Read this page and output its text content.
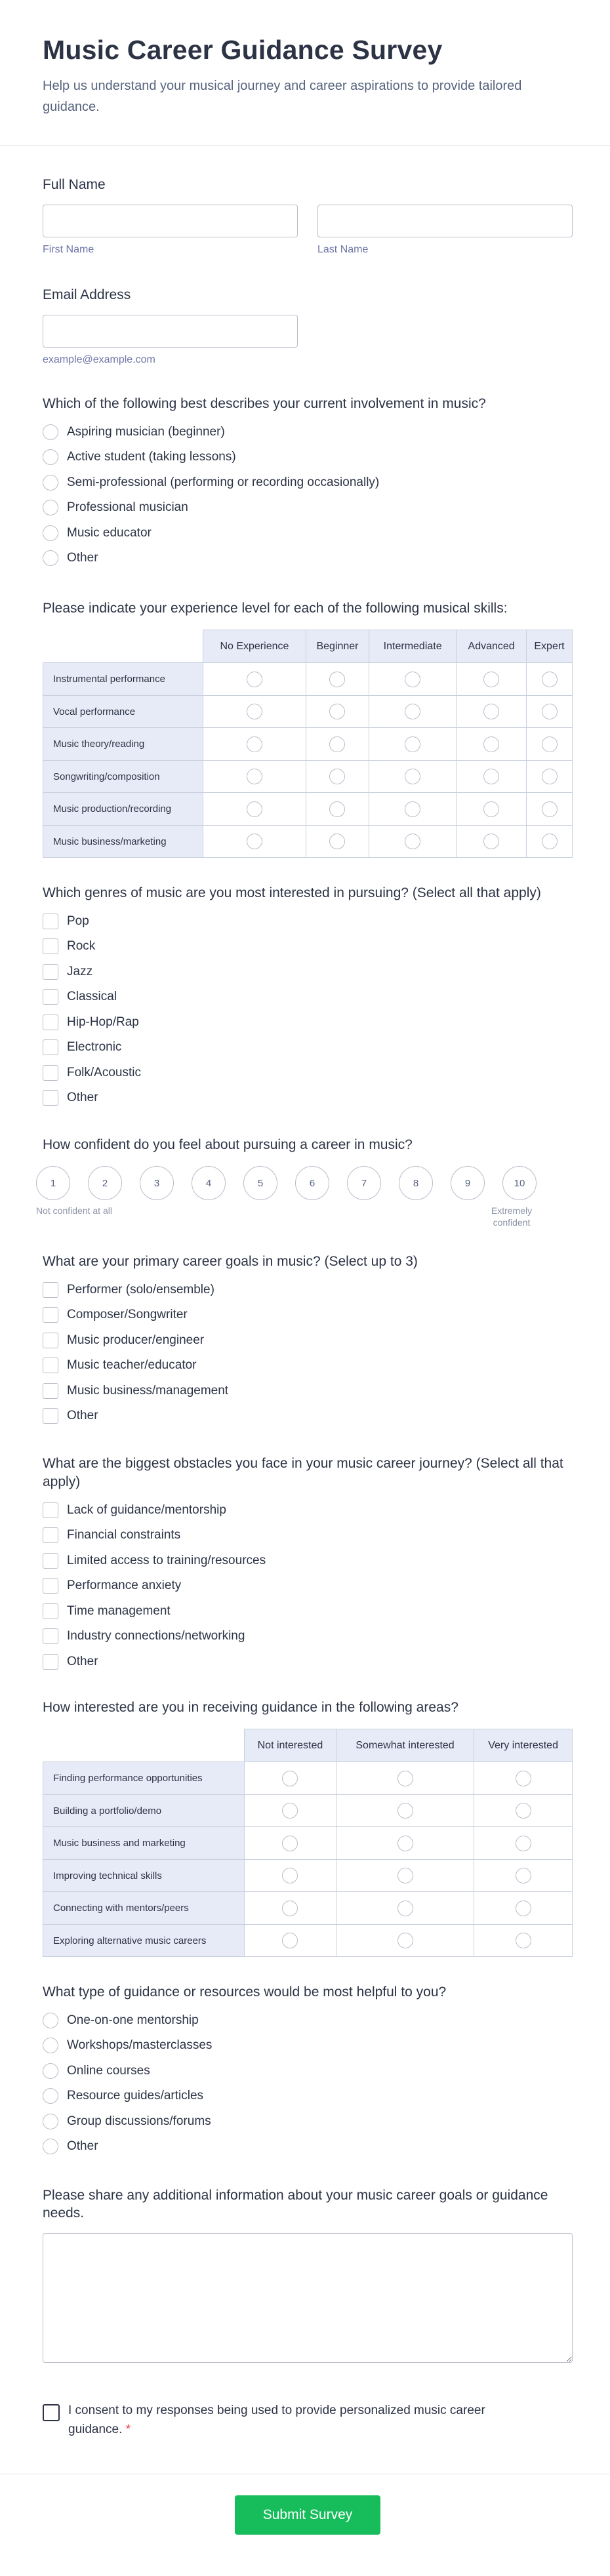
Music Career Guidance Survey

Help us understand your musical journey and career aspirations to provide tailored guidance.

Full Name
First Name	Last Name
Email Address
example@example.com
Which of the following best describes your current involvement in music?
Aspiring musician (beginner)
Active student (taking lessons)
Semi-professional (performing or recording occasionally)
Professional musician
Music educator
Other
Please indicate your experience level for each of the following musical skills:
	No Experience	Beginner	Intermediate	Advanced	Expert
Instrumental performance					
Vocal performance					
Music theory/reading					
Songwriting/composition					
Music production/recording					
Music business/marketing					
Which genres of music are you most interested in pursuing? (Select all that apply)
Pop
Rock
Jazz
Classical
Hip-Hop/Rap
Electronic
Folk/Acoustic
Other
How confident do you feel about pursuing a career in music?
1	2	3	4	5	6	7	8	9	10
Not confident at all	Extremely confident
What are your primary career goals in music? (Select up to 3)
Performer (solo/ensemble)
Composer/Songwriter
Music producer/engineer
Music teacher/educator
Music business/management
Other
What are the biggest obstacles you face in your music career journey? (Select all that apply)
Lack of guidance/mentorship
Financial constraints
Limited access to training/resources
Performance anxiety
Time management
Industry connections/networking
Other
How interested are you in receiving guidance in the following areas?
	Not interested	Somewhat interested	Very interested
Finding performance opportunities			
Building a portfolio/demo			
Music business and marketing			
Improving technical skills			
Connecting with mentors/peers			
Exploring alternative music careers			
What type of guidance or resources would be most helpful to you?
One-on-one mentorship
Workshops/masterclasses
Online courses
Resource guides/articles
Group discussions/forums
Other
Please share any additional information about your music career goals or guidance needs.
I consent to my responses being used to provide personalized music career guidance. *
Submit Survey
